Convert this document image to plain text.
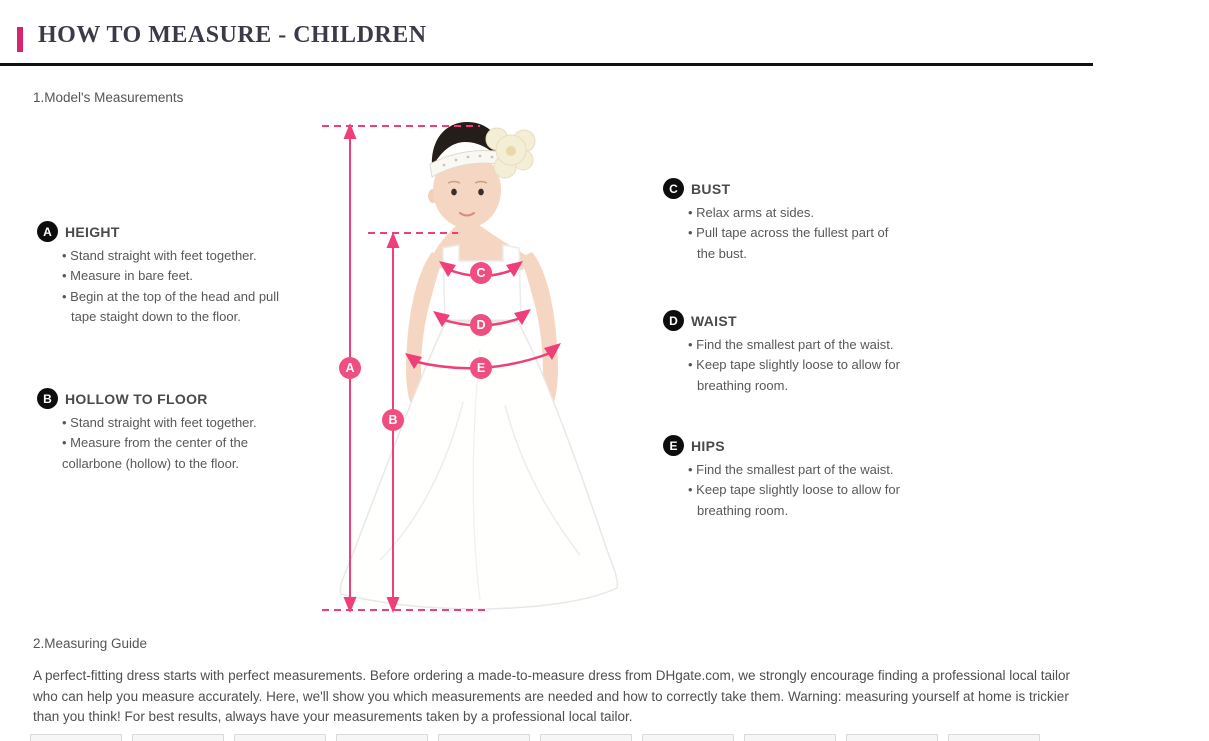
HOW TO MEASURE - CHILDREN
1.Model's Measurements
A HEIGHT
• Stand straight with feet together.
• Measure in bare feet.
• Begin at the top of the head and pull
tape staight down to the floor.
B HOLLOW TO FLOOR
• Stand straight with feet together.
• Measure from the center of the
collarbone (hollow) to the floor.
C BUST
• Relax arms at sides.
• Pull tape across the fullest part of
the bust.
D WAIST
• Find the smallest part of the waist.
• Keep tape slightly loose to allow for
breathing room.
E HIPS
• Find the smallest part of the waist.
• Keep tape slightly loose to allow for
breathing room.
A
B
C
D
E
2.Measuring Guide

A perfect-fitting dress starts with perfect measurements. Before ordering a made-to-measure dress from DHgate.com, we strongly encourage finding a professional local tailor who can help you measure accurately. Here, we'll show you which measurements are needed and how to correctly take them. Warning: measuring yourself at home is trickier than you think! For best results, always have your measurements taken by a professional local tailor.
